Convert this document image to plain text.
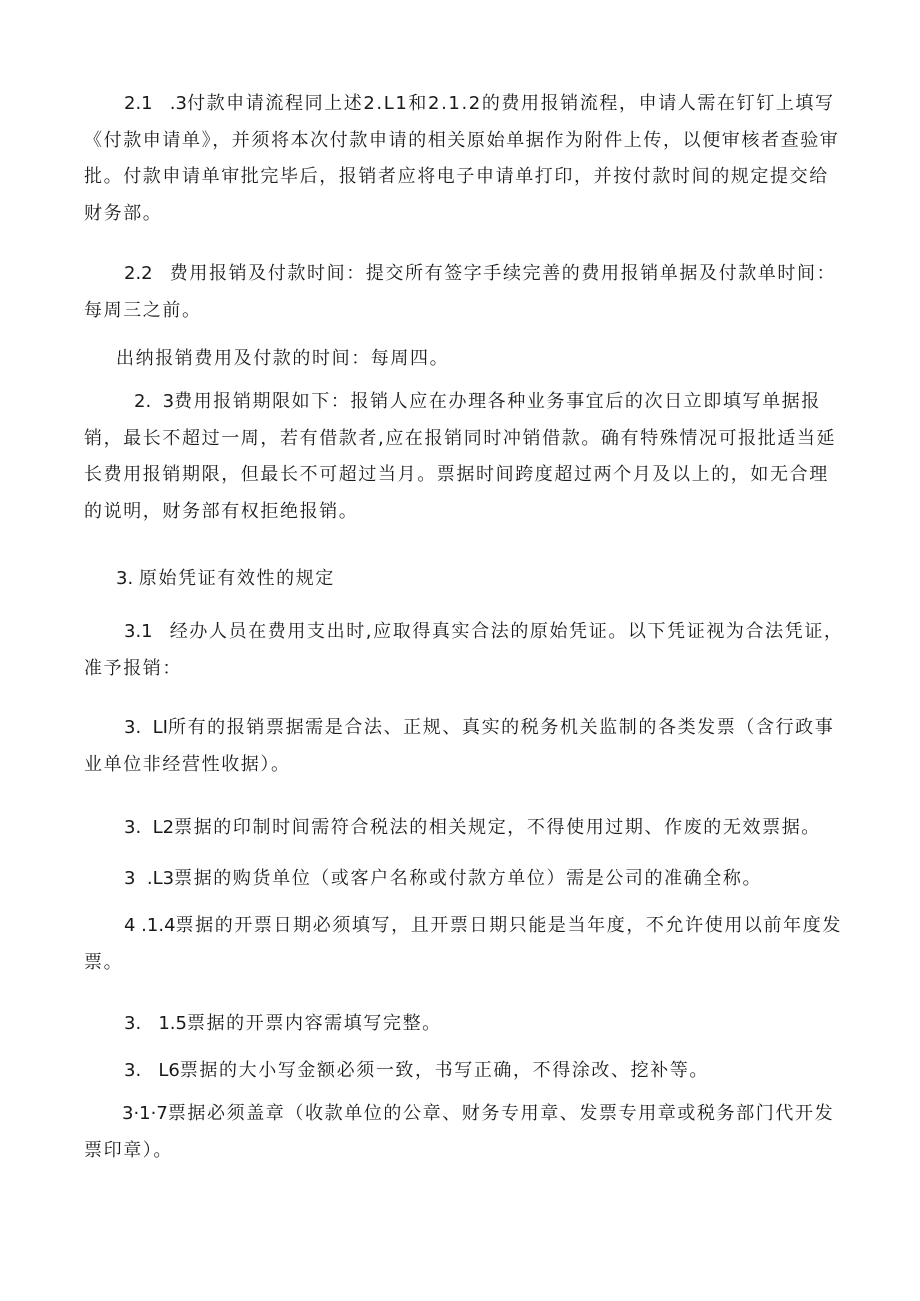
2.1   .3付款申请流程同上述2.L1和2.1.2的费用报销流程，申请人需在钉钉上填写《付款申请单》，并须将本次付款申请的相关原始单据作为附件上传，以便审核者查验审批。付款申请单审批完毕后，报销者应将电子申请单打印，并按付款时间的规定提交给财务部。

2.2   费用报销及付款时间：提交所有签字手续完善的费用报销单据及付款单时间：每周三之前。

出纳报销费用及付款的时间：每周四。

2.  3费用报销期限如下：报销人应在办理各种业务事宜后的次日立即填写单据报销，最长不超过一周，若有借款者,应在报销同时冲销借款。确有特殊情况可报批适当延长费用报销期限，但最长不可超过当月。票据时间跨度超过两个月及以上的，如无合理的说明，财务部有权拒绝报销。

3. 原始凭证有效性的规定

3.1   经办人员在费用支出时,应取得真实合法的原始凭证。以下凭证视为合法凭证，准予报销：

3.  LI所有的报销票据需是合法、正规、真实的税务机关监制的各类发票（含行政事业单位非经营性收据）。

3.  L2票据的印制时间需符合税法的相关规定，不得使用过期、作废的无效票据。

3  .L3票据的购货单位（或客户名称或付款方单位）需是公司的准确全称。

4 .1.4票据的开票日期必须填写，且开票日期只能是当年度，不允许使用以前年度发票。

3.   1.5票据的开票内容需填写完整。

3.   L6票据的大小写金额必须一致，书写正确，不得涂改、挖补等。

3·1·7票据必须盖章（收款单位的公章、财务专用章、发票专用章或税务部门代开发票印章）。
